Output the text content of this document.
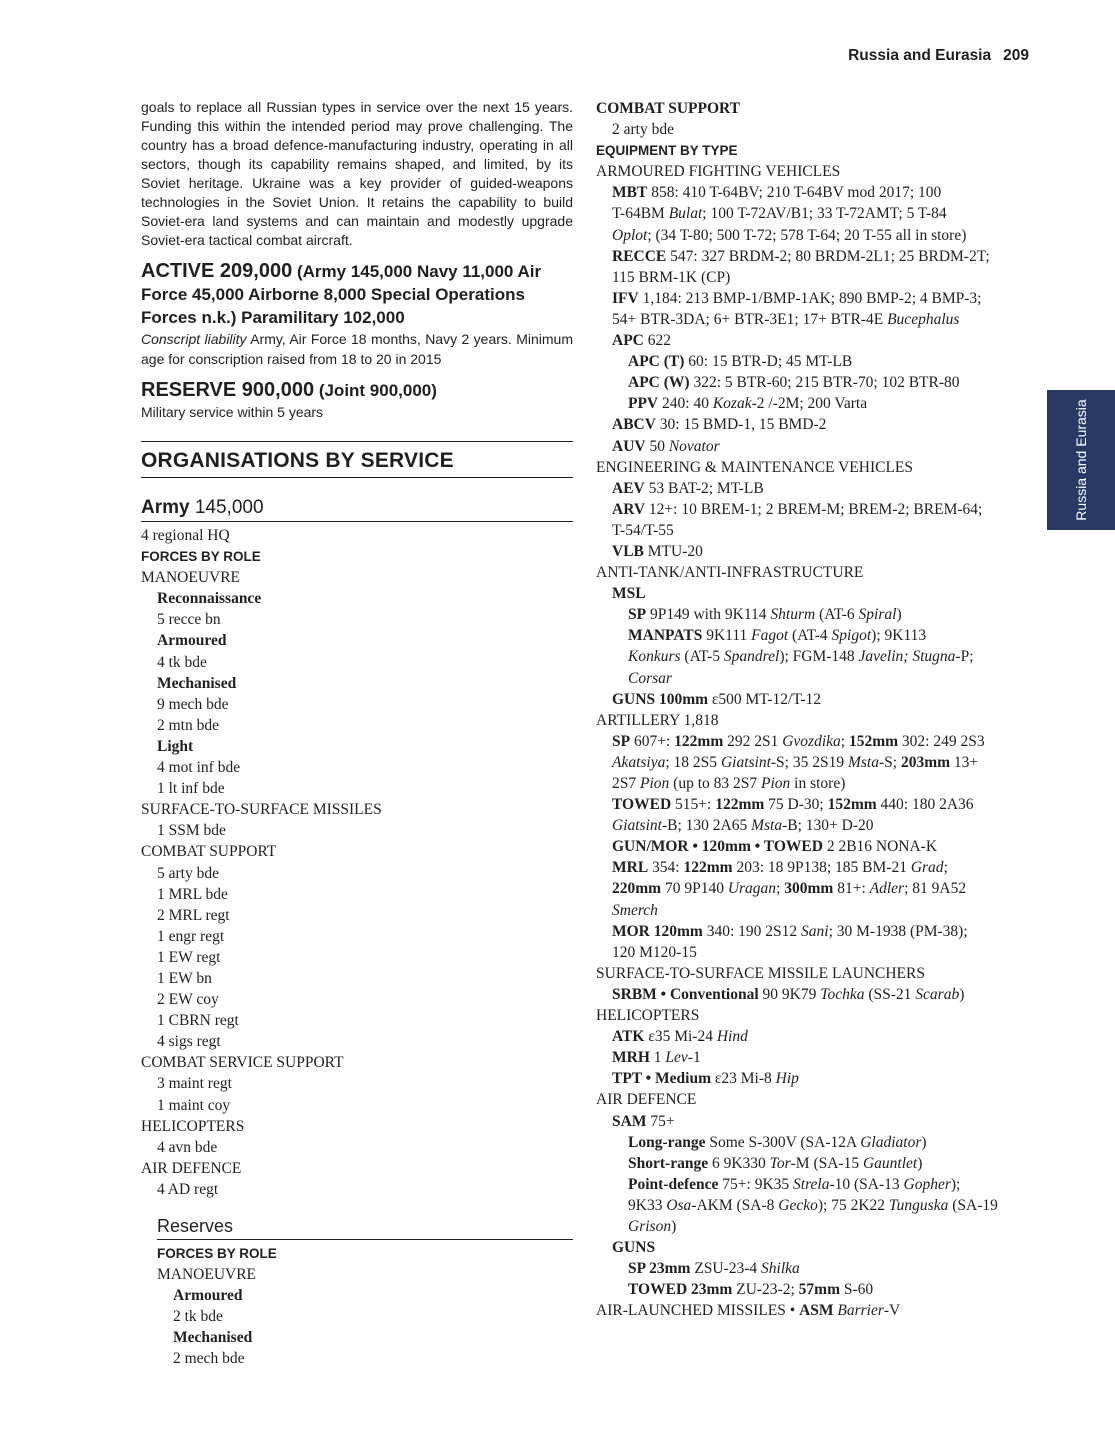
Russia and Eurasia 209
Russia and Eurasia

goals to replace all Russian types in service over the next 15 years. Funding this within the intended period may prove challenging. The country has a broad defence-manufacturing industry, operating in all sectors, though its capability remains shaped, and limited, by its Soviet heritage. Ukraine was a key provider of guided-weapons technologies in the Soviet Union. It retains the capability to build Soviet-era land systems and can maintain and modestly upgrade Soviet-era tactical combat aircraft.

ACTIVE 209,000 (Army 145,000 Navy 11,000 Air Force 45,000 Airborne 8,000 Special Operations Forces n.k.) Paramilitary 102,000

Conscript liability Army, Air Force 18 months, Navy 2 years. Minimum age for conscription raised from 18 to 20 in 2015

RESERVE 900,000 (Joint 900,000)

Military service within 5 years

ORGANISATIONS BY SERVICE
Army 145,000
4 regional HQ
FORCES BY ROLE
MANOEUVRE
Reconnaissance
5 recce bn
Armoured
4 tk bde
Mechanised
9 mech bde
2 mtn bde
Light
4 mot inf bde
1 lt inf bde
SURFACE-TO-SURFACE MISSILES
1 SSM bde
COMBAT SUPPORT
5 arty bde
1 MRL bde
2 MRL regt
1 engr regt
1 EW regt
1 EW bn
2 EW coy
1 CBRN regt
4 sigs regt
COMBAT SERVICE SUPPORT
3 maint regt
1 maint coy
HELICOPTERS
4 avn bde
AIR DEFENCE
4 AD regt
Reserves
FORCES BY ROLE
MANOEUVRE
Armoured
2 tk bde
Mechanised
2 mech bde
COMBAT SUPPORT
2 arty bde
EQUIPMENT BY TYPE
ARMOURED FIGHTING VEHICLES
MBT 858: 410 T-64BV; 210 T-64BV mod 2017; 100
T-64BM Bulat; 100 T-72AV/B1; 33 T-72AMT; 5 T-84
Oplot; (34 T-80; 500 T-72; 578 T-64; 20 T-55 all in store)
RECCE 547: 327 BRDM-2; 80 BRDM-2L1; 25 BRDM-2T;
115 BRM-1K (CP)
IFV 1,184: 213 BMP-1/BMP-1AK; 890 BMP-2; 4 BMP-3;
54+ BTR-3DA; 6+ BTR-3E1; 17+ BTR-4E Bucephalus
APC 622
APC (T) 60: 15 BTR-D; 45 MT-LB
APC (W) 322: 5 BTR-60; 215 BTR-70; 102 BTR-80
PPV 240: 40 Kozak-2 /-2M; 200 Varta
ABCV 30: 15 BMD-1, 15 BMD-2
AUV 50 Novator
ENGINEERING & MAINTENANCE VEHICLES
AEV 53 BAT-2; MT-LB
ARV 12+: 10 BREM-1; 2 BREM-M; BREM-2; BREM-64;
T-54/T-55
VLB MTU-20
ANTI-TANK/ANTI-INFRASTRUCTURE
MSL
SP 9P149 with 9K114 Shturm (AT-6 Spiral)
MANPATS 9K111 Fagot (AT-4 Spigot); 9K113
Konkurs (AT-5 Spandrel); FGM-148 Javelin; Stugna-P;
Corsar
GUNS 100mm ε500 MT-12/T-12
ARTILLERY 1,818
SP 607+: 122mm 292 2S1 Gvozdika; 152mm 302: 249 2S3
Akatsiya; 18 2S5 Giatsint-S; 35 2S19 Msta-S; 203mm 13+
2S7 Pion (up to 83 2S7 Pion in store)
TOWED 515+: 122mm 75 D-30; 152mm 440: 180 2A36
Giatsint-B; 130 2A65 Msta-B; 130+ D-20
GUN/MOR • 120mm • TOWED 2 2B16 NONA-K
MRL 354: 122mm 203: 18 9P138; 185 BM-21 Grad;
220mm 70 9P140 Uragan; 300mm 81+: Adler; 81 9A52
Smerch
MOR 120mm 340: 190 2S12 Sani; 30 M-1938 (PM-38);
120 M120-15
SURFACE-TO-SURFACE MISSILE LAUNCHERS
SRBM • Conventional 90 9K79 Tochka (SS-21 Scarab)
HELICOPTERS
ATK ε35 Mi-24 Hind
MRH 1 Lev-1
TPT • Medium ε23 Mi-8 Hip
AIR DEFENCE
SAM 75+
Long-range Some S-300V (SA-12A Gladiator)
Short-range 6 9K330 Tor-M (SA-15 Gauntlet)
Point-defence 75+: 9K35 Strela-10 (SA-13 Gopher);
9K33 Osa-AKM (SA-8 Gecko); 75 2K22 Tunguska (SA-19
Grison)
GUNS
SP 23mm ZSU-23-4 Shilka
TOWED 23mm ZU-23-2; 57mm S-60
AIR-LAUNCHED MISSILES • ASM Barrier-V
